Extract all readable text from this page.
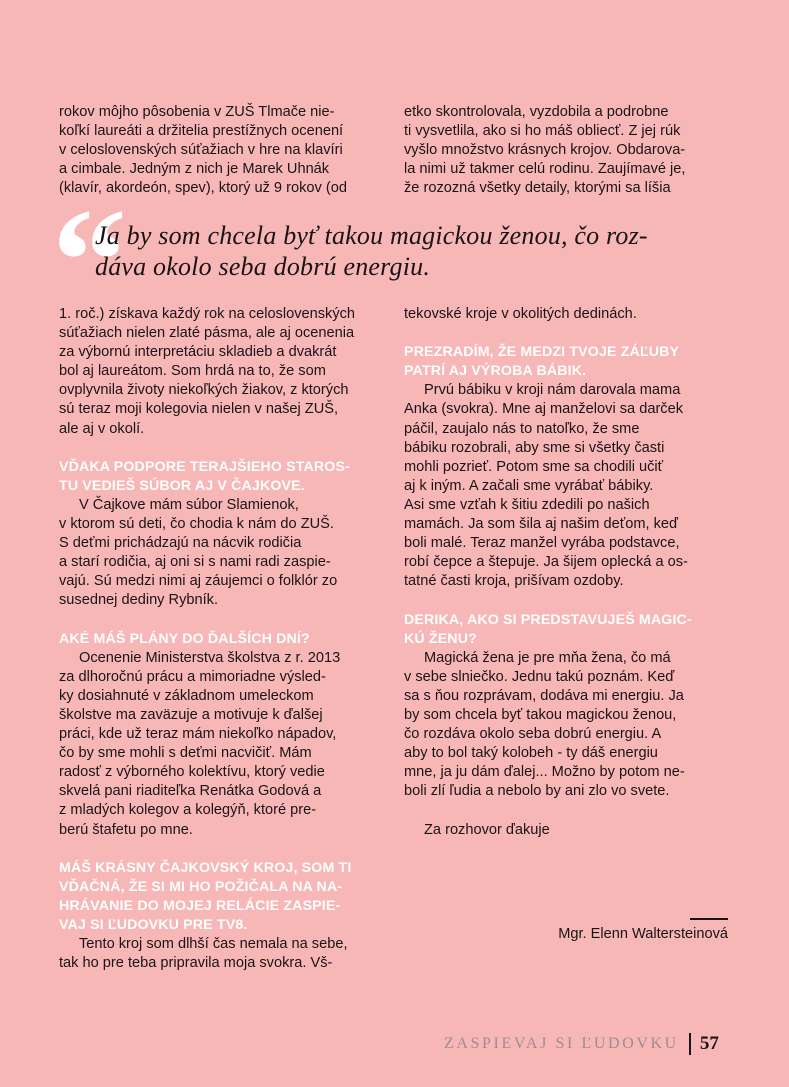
rokov môjho pôsobenia v ZUŠ Tlmače nie-
koľkí laureáti a držitelia prestížnych ocenení
v celoslovenských súťažiach v hre na klavíri
a cimbale. Jedným z nich je Marek Uhnák
(klavír, akordeón, spev), ktorý už 9 rokov (od
etko skontrolovala, vyzdobila a podrobne
ti vysvetlila, ako si ho máš obliecť. Z jej rúk
vyšlo množstvo krásnych krojov. Obdarova-
la nimi už takmer celú rodinu. Zaujímavé je,
že rozozná všetky detaily, ktorými sa líšia
“
Ja by som chcela byť takou magickou ženou, čo roz-
dáva okolo seba dobrú energiu.
1. roč.) získava každý rok na celoslovenských
súťažiach nielen zlaté pásma, ale aj ocenenia
za výbornú interpretáciu skladieb a dvakrát
bol aj laureátom. Som hrdá na to, že som
ovplyvnila životy niekoľkých žiakov, z ktorých
sú teraz moji kolegovia nielen v našej ZUŠ,
ale aj v okolí.
VĎAKA PODPORE TERAJŠIEHO STAROS-
TU VEDIEŠ SÚBOR AJ V ČAJKOVE.
V Čajkove mám súbor Slamienok,
v ktorom sú deti, čo chodia k nám do ZUŠ.
S deťmi prichádzajú na nácvik rodičia
a starí rodičia, aj oni si s nami radi zaspie-
vajú. Sú medzi nimi aj záujemci o folklór zo
susednej dediny Rybník.
AKÉ MÁŠ PLÁNY DO ĎALŠÍCH DNÍ?
Ocenenie Ministerstva školstva z r. 2013
za dlhoročnú prácu a mimoriadne výsled-
ky dosiahnuté v základnom umeleckom
školstve ma zaväzuje a motivuje k ďalšej
práci, kde už teraz mám niekoľko nápadov,
čo by sme mohli s deťmi nacvičiť. Mám
radosť z výborného kolektívu, ktorý vedie
skvelá pani riaditeľka Renátka Godová a
z mladých kolegov a kolegýň, ktoré pre-
berú štafetu po mne.
MÁŠ KRÁSNY ČAJKOVSKÝ KROJ, SOM TI
VĎAČNÁ, ŽE SI MI HO POŽIČALA NA NA-
HRÁVANIE DO MOJEJ RELÁCIE ZASPIE-
VAJ SI ĽUDOVKU PRE TV8.
Tento kroj som dlhší čas nemala na sebe,
tak ho pre teba pripravila moja svokra. Vš-
tekovské kroje v okolitých dedinách.
PREZRADÍM, ŽE MEDZI TVOJE ZÁĽUBY
PATRÍ AJ VÝROBA BÁBIK.
Prvú bábiku v kroji nám darovala mama
Anka (svokra). Mne aj manželovi sa darček
páčil, zaujalo nás to natoľko, že sme
bábiku rozobrali, aby sme si všetky časti
mohli pozrieť. Potom sme sa chodili učiť
aj k iným. A začali sme vyrábať bábiky.
Asi sme vzťah k šitiu zdedili po našich
mamách. Ja som šila aj našim deťom, keď
boli malé. Teraz manžel vyrába podstavce,
robí čepce a štepuje. Ja šijem oplecká a os-
tatné časti kroja, prišívam ozdoby.
DERIKA, AKO SI PREDSTAVUJEŠ MAGIC-
KÚ ŽENU?
Magická žena je pre mňa žena, čo má
v sebe slniečko. Jednu takú poznám. Keď
sa s ňou rozprávam, dodáva mi energiu. Ja
by som chcela byť takou magickou ženou,
čo rozdáva okolo seba dobrú energiu. A
aby to bol taký kolobeh - ty dáš energiu
mne, ja ju dám ďalej... Možno by potom ne-
boli zlí ľudia a nebolo by ani zlo vo svete.
Za rozhovor ďakuje
Mgr. Elenn Waltersteinová
ZASPIEVAJ SI ĽUDOVKU 57
